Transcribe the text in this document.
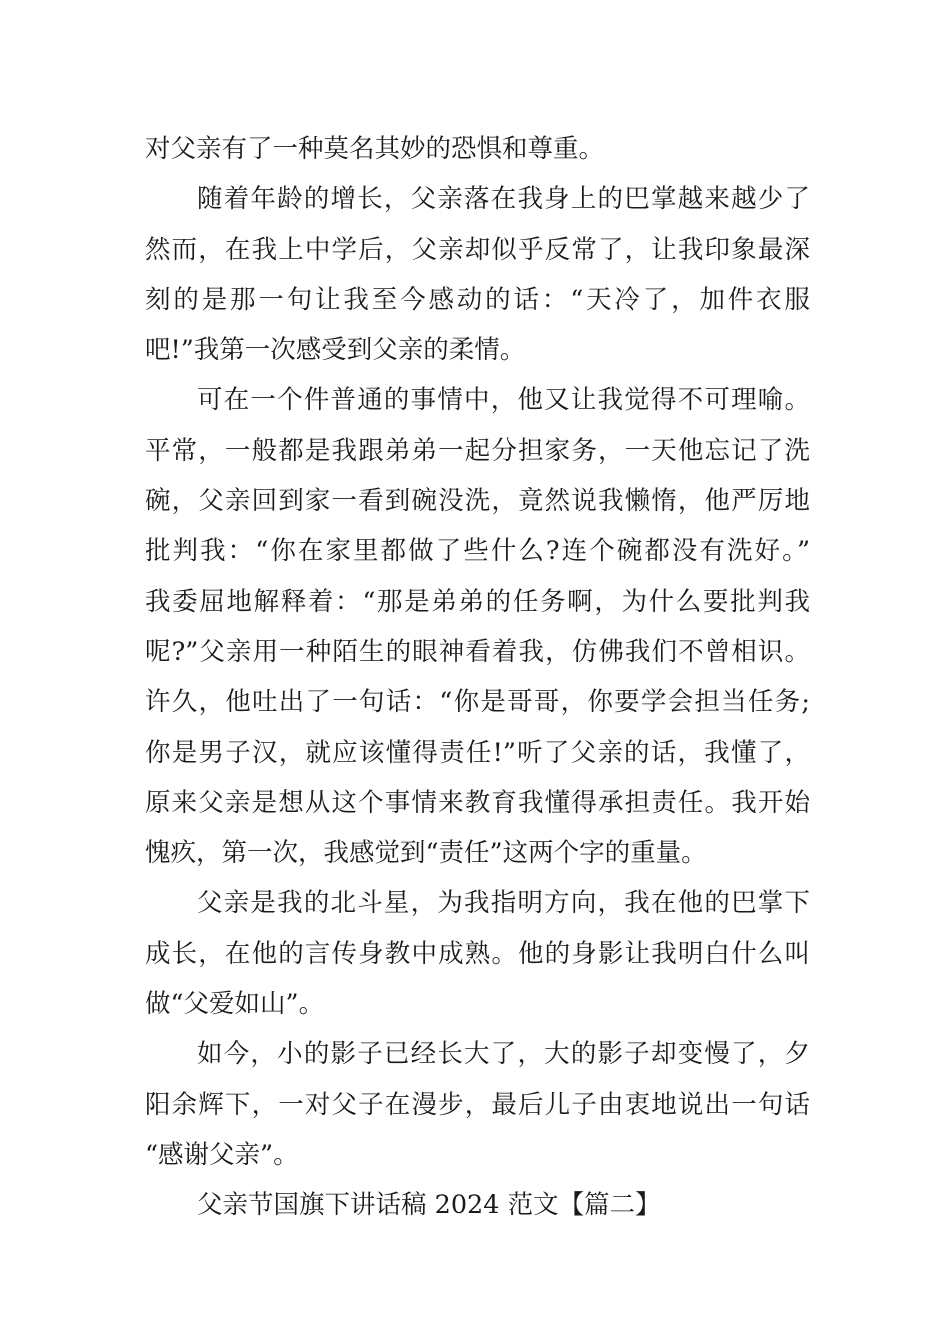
对父亲有了一种莫名其妙的恐惧和尊重。
随着年龄的增长，父亲落在我身上的巴掌越来越少了
然而，在我上中学后，父亲却似乎反常了，让我印象最深
刻的是那一句让我至今感动的话：“天冷了，加件衣服
吧!”我第一次感受到父亲的柔情。
可在一个件普通的事情中，他又让我觉得不可理喻。
平常，一般都是我跟弟弟一起分担家务，一天他忘记了洗
碗，父亲回到家一看到碗没洗，竟然说我懒惰，他严厉地
批判我：“你在家里都做了些什么?连个碗都没有洗好。”
我委屈地解释着：“那是弟弟的任务啊，为什么要批判我
呢?”父亲用一种陌生的眼神看着我，仿佛我们不曾相识。
许久，他吐出了一句话：“你是哥哥，你要学会担当任务;
你是男子汉，就应该懂得责任!”听了父亲的话，我懂了，
原来父亲是想从这个事情来教育我懂得承担责任。我开始
愧疚，第一次，我感觉到“责任”这两个字的重量。
父亲是我的北斗星，为我指明方向，我在他的巴掌下
成长，在他的言传身教中成熟。他的身影让我明白什么叫
做“父爱如山”。
如今，小的影子已经长大了，大的影子却变慢了，夕
阳余辉下，一对父子在漫步，最后儿子由衷地说出一句话
“感谢父亲”。
父亲节国旗下讲话稿 2024 范文【篇二】
